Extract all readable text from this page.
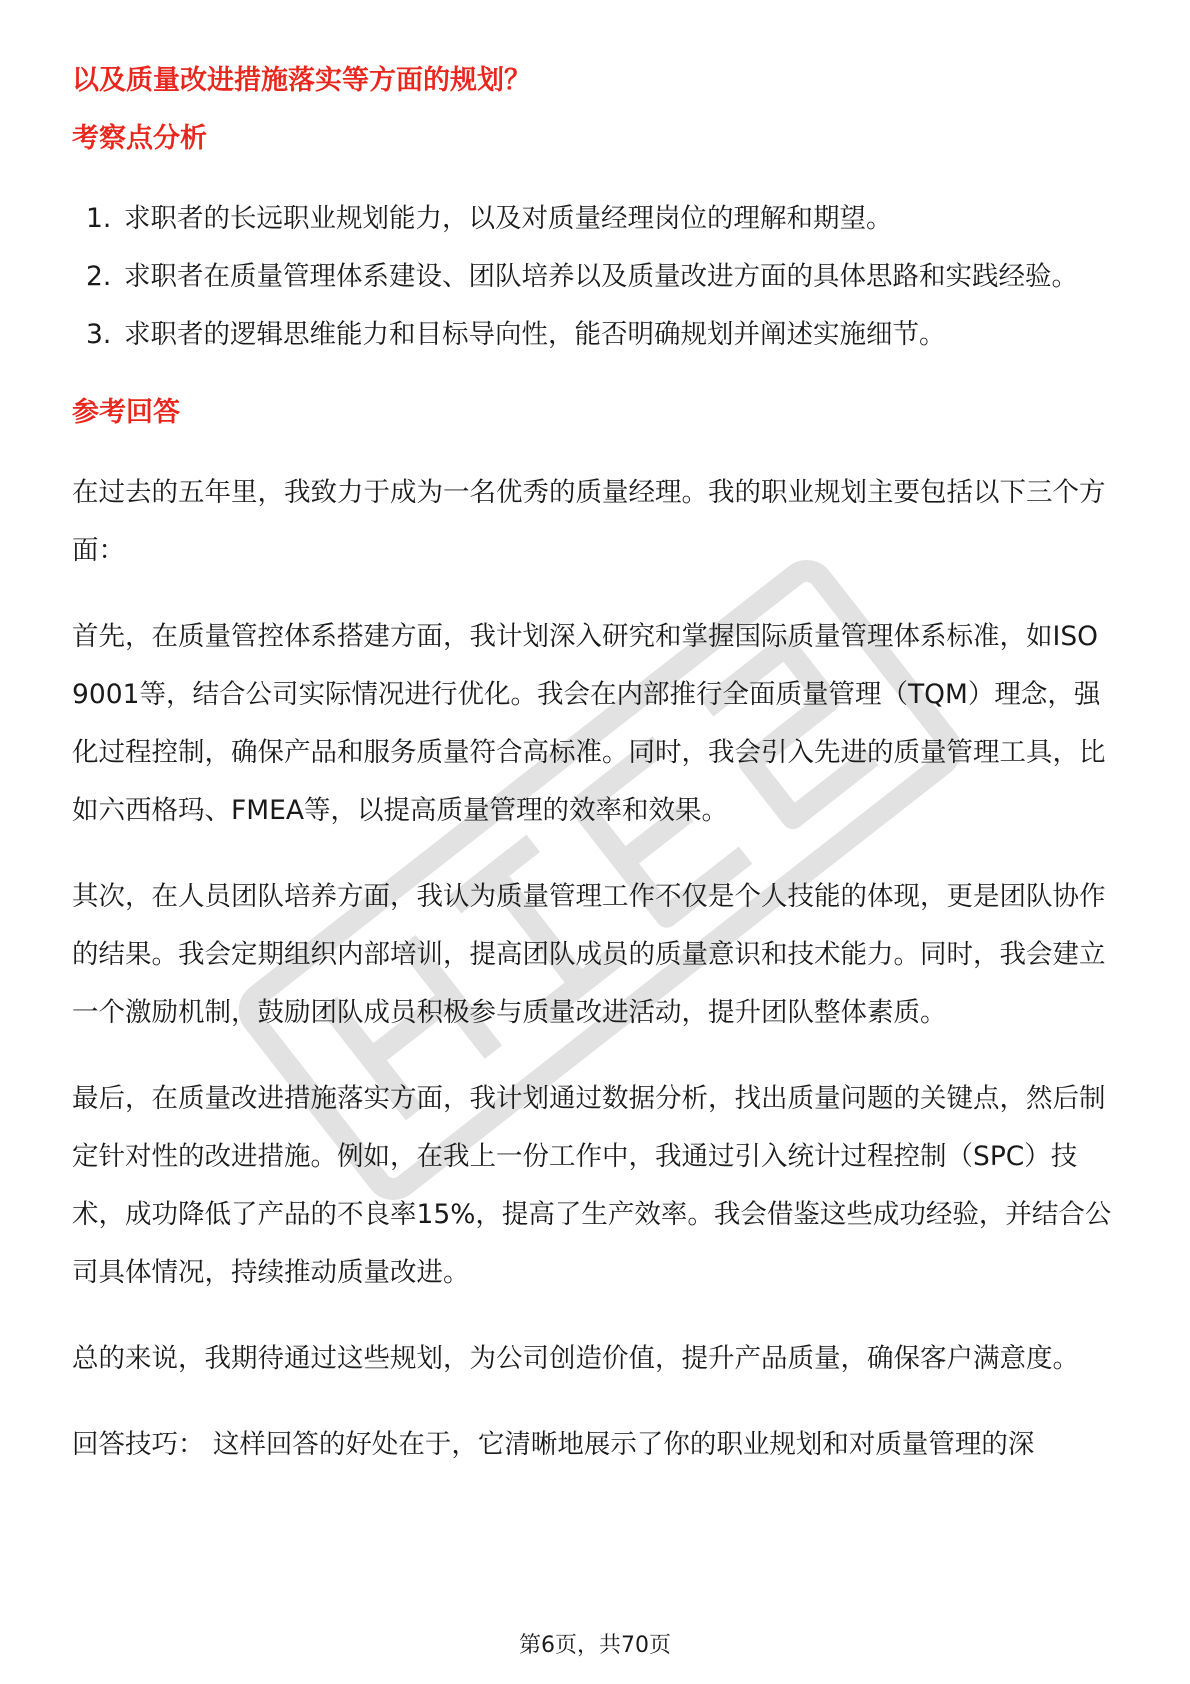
以及质量改进措施落实等方面的规划？

考察点分析

1. 求职者的长远职业规划能力，以及对质量经理岗位的理解和期望。
2. 求职者在质量管理体系建设、团队培养以及质量改进方面的具体思路和实践经验。
3. 求职者的逻辑思维能力和目标导向性，能否明确规划并阐述实施细节。

参考回答

在过去的五年里，我致力于成为一名优秀的质量经理。我的职业规划主要包括以下三个方面：

首先，在质量管控体系搭建方面，我计划深入研究和掌握国际质量管理体系标准，如ISO 9001等，结合公司实际情况进行优化。我会在内部推行全面质量管理（TQM）理念，强化过程控制，确保产品和服务质量符合高标准。同时，我会引入先进的质量管理工具，比如六西格玛、FMEA等，以提高质量管理的效率和效果。

其次，在人员团队培养方面，我认为质量管理工作不仅是个人技能的体现，更是团队协作的结果。我会定期组织内部培训，提高团队成员的质量意识和技术能力。同时，我会建立一个激励机制，鼓励团队成员积极参与质量改进活动，提升团队整体素质。

最后，在质量改进措施落实方面，我计划通过数据分析，找出质量问题的关键点，然后制定针对性的改进措施。例如，在我上一份工作中，我通过引入统计过程控制（SPC）技术，成功降低了产品的不良率15%，提高了生产效率。我会借鉴这些成功经验，并结合公司具体情况，持续推动质量改进。

总的来说，我期待通过这些规划，为公司创造价值，提升产品质量，确保客户满意度。

回答技巧： 这样回答的好处在于，它清晰地展示了你的职业规划和对质量管理的深

第6页，共70页
